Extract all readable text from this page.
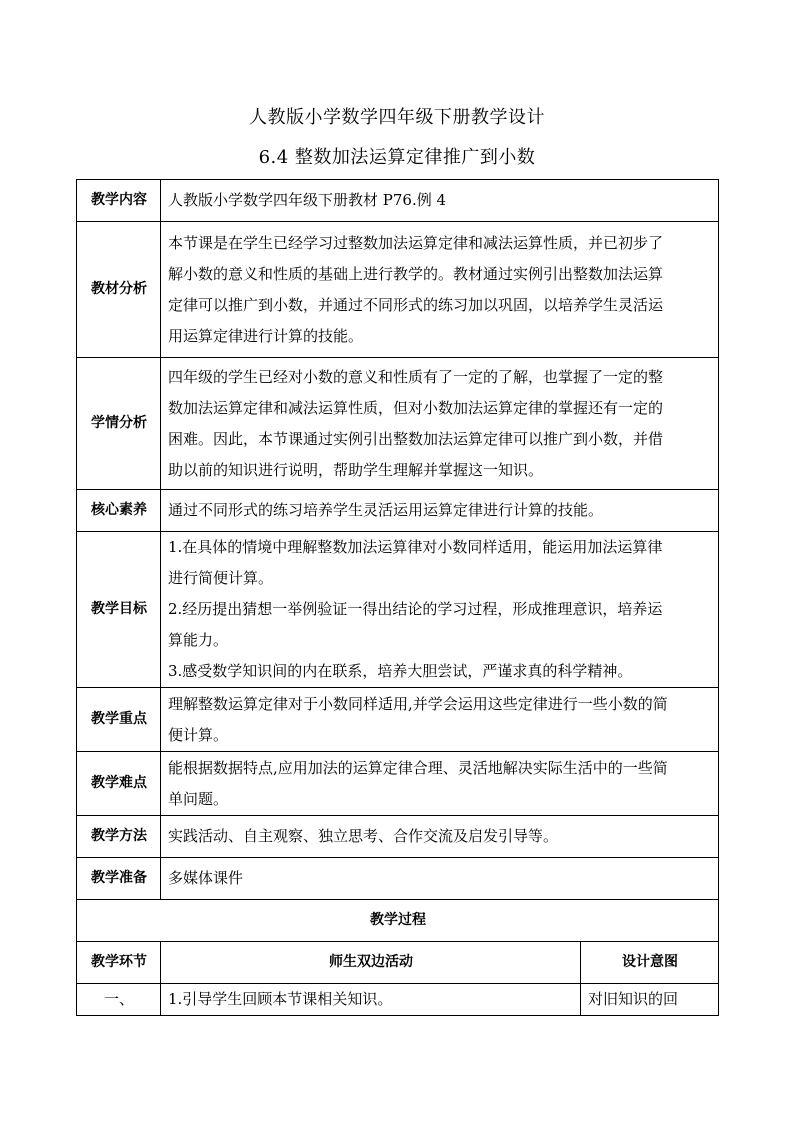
人教版小学数学四年级下册教学设计
6.4 整数加法运算定律推广到小数
教学内容	人教版小学数学四年级下册教材 P76.例 4	

教材分析	本节课是在学生已经学习过整数加法运算定律和减法运算性质，并已初步了
解小数的意义和性质的基础上进行教学的。教材通过实例引出整数加法运算
定律可以推广到小数，并通过不同形式的练习加以巩固，以培养学生灵活运
用运算定律进行计算的技能。	

学情分析	四年级的学生已经对小数的意义和性质有了一定的了解，也掌握了一定的整
数加法运算定律和减法运算性质，但对小数加法运算定律的掌握还有一定的
困难。因此，本节课通过实例引出整数加法运算定律可以推广到小数，并借
助以前的知识进行说明，帮助学生理解并掌握这一知识。	

核心素养	通过不同形式的练习培养学生灵活运用运算定律进行计算的技能。	

教学目标	1.在具体的情境中理解整数加法运算律对小数同样适用，能运用加法运算律
进行简便计算。
2.经历提出猜想一举例验证一得出结论的学习过程，形成推理意识，培养运
算能力。
3.感受数学知识间的内在联系，培养大胆尝试，严谨求真的科学精神。	

教学重点	理解整数运算定律对于小数同样适用,并学会运用这些定律进行一些小数的简
便计算。	

教学难点	能根据数据特点,应用加法的运算定律合理、灵活地解决实际生活中的一些简
单问题。	

教学方法	实践活动、自主观察、独立思考、合作交流及启发引导等。	

教学准备	多媒体课件	

教学过程		
教学环节	师生双边活动	设计意图
一、	1.引导学生回顾本节课相关知识。	对旧知识的回
